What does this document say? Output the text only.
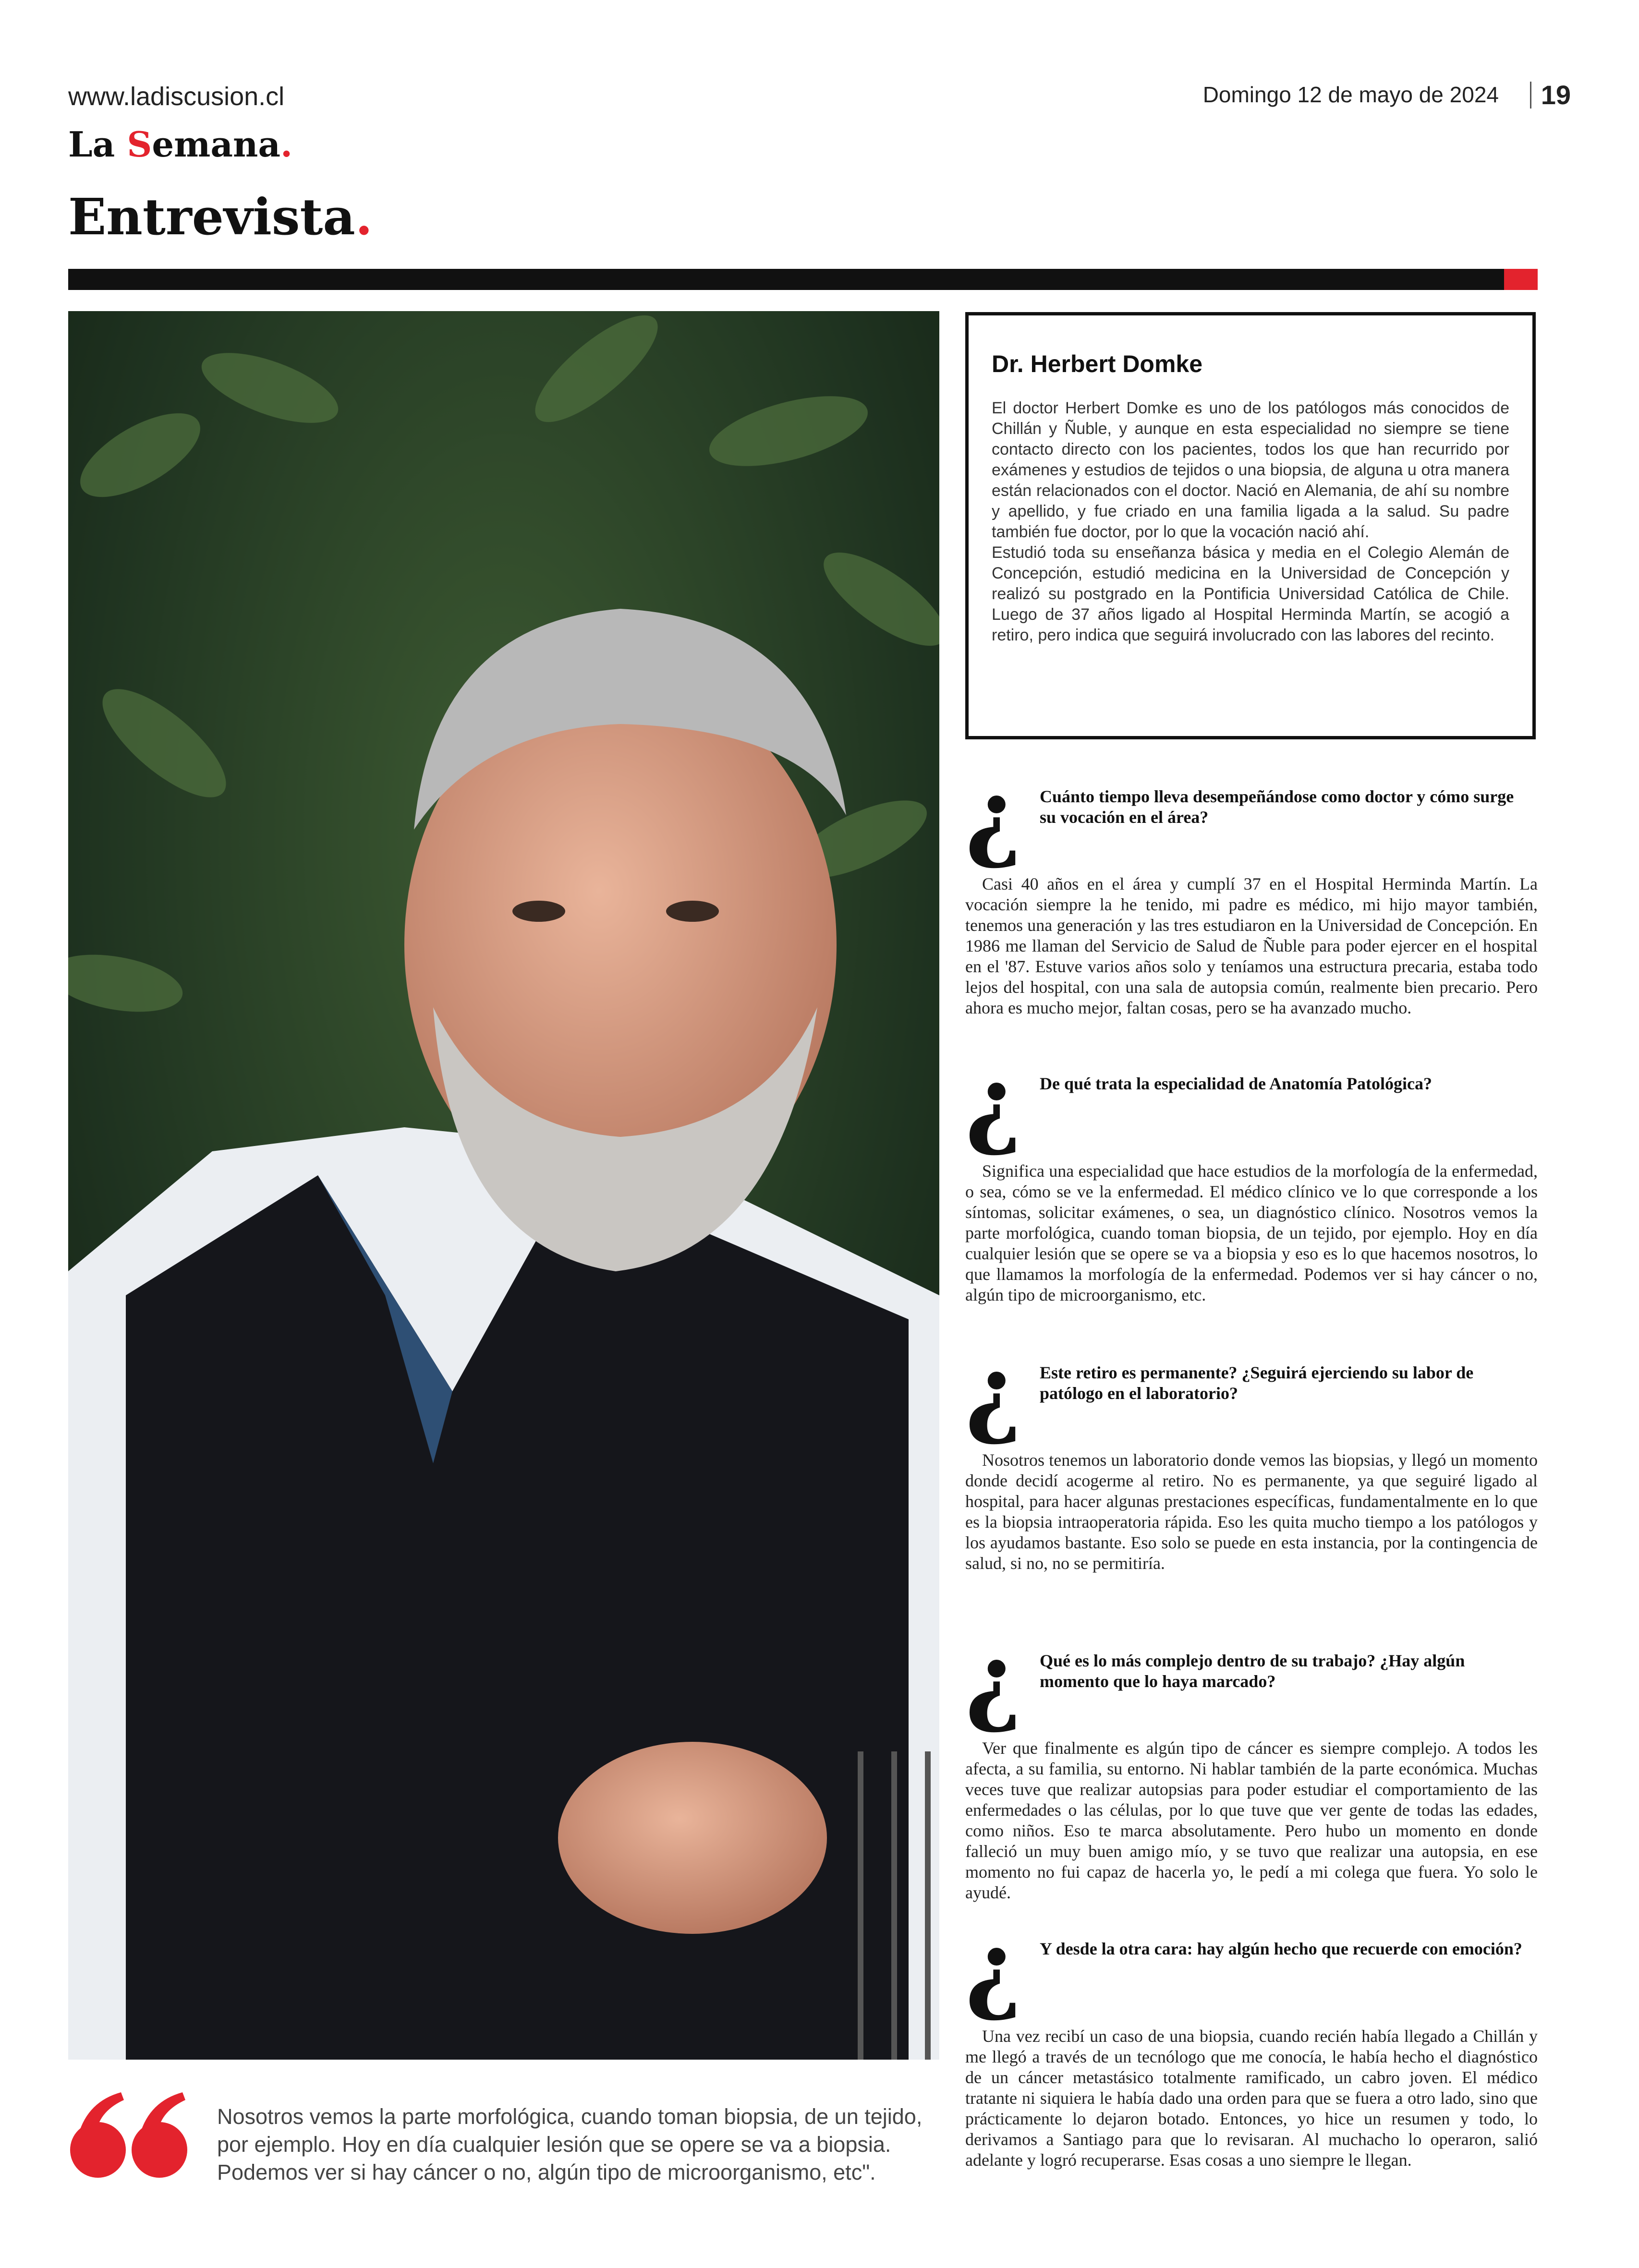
www.ladiscusion.cl	Domingo 12 de mayo de 2024 19
La Semana.
Entrevista.
Dr. Herbert Domke

El doctor Herbert Domke es uno de los patólogos más conocidos de Chillán y Ñuble, y aunque en esta especialidad no siempre se tiene contacto directo con los pacientes, todos los que han recurrido por exámenes y estudios de tejidos o una biopsia, de alguna u otra manera están relacionados con el doctor. Nació en Alemania, de ahí su nombre y apellido, y fue criado en una familia ligada a la salud. Su padre también fue doctor, por lo que la vocación nació ahí.

Estudió toda su enseñanza básica y media en el Colegio Alemán de Concepción, estudió medicina en la Universidad de Concepción y realizó su postgrado en la Pontificia Universidad Católica de Chile. Luego de 37 años ligado al Hospital Herminda Martín, se acogió a retiro, pero indica que seguirá involucrado con las labores del recinto.

¿ Cuánto tiempo lleva desempeñándose como doctor y cómo surge su vocación en el área?

Casi 40 años en el área y cumplí 37 en el Hospital Herminda Martín. La vocación siempre la he tenido, mi padre es médico, mi hijo mayor también, tenemos una generación y las tres estudiaron en la Universidad de Concepción. En 1986 me llaman del Servicio de Salud de Ñuble para poder ejercer en el hospital en el '87. Estuve varios años solo y teníamos una estructura precaria, estaba todo lejos del hospital, con una sala de autopsia común, realmente bien precario. Pero ahora es mucho mejor, faltan cosas, pero se ha avanzado mucho.

¿ De qué trata la especialidad de Anatomía Patológica?

Significa una especialidad que hace estudios de la morfología de la enfermedad, o sea, cómo se ve la enfermedad. El médico clínico ve lo que corresponde a los síntomas, solicitar exámenes, o sea, un diagnóstico clínico. Nosotros vemos la parte morfológica, cuando toman biopsia, de un tejido, por ejemplo. Hoy en día cualquier lesión que se opere se va a biopsia y eso es lo que hacemos nosotros, lo que llamamos la morfología de la enfermedad. Podemos ver si hay cáncer o no, algún tipo de microorganismo, etc.

¿ Este retiro es permanente? ¿Seguirá ejerciendo su labor de patólogo en el laboratorio?

Nosotros tenemos un laboratorio donde vemos las biopsias, y llegó un momento donde decidí acogerme al retiro. No es permanente, ya que seguiré ligado al hospital, para hacer algunas prestaciones específicas, fundamentalmente en lo que es la biopsia intraoperatoria rápida. Eso les quita mucho tiempo a los patólogos y los ayudamos bastante. Eso solo se puede en esta instancia, por la contingencia de salud, si no, no se permitiría.

¿ Qué es lo más complejo dentro de su trabajo? ¿Hay algún momento que lo haya marcado?

Ver que finalmente es algún tipo de cáncer es siempre complejo. A todos les afecta, a su familia, su entorno. Ni hablar también de la parte económica. Muchas veces tuve que realizar autopsias para poder estudiar el comportamiento de las enfermedades o las células, por lo que tuve que ver gente de todas las edades, como niños. Eso te marca absolutamente. Pero hubo un momento en donde falleció un muy buen amigo mío, y se tuvo que realizar una autopsia, en ese momento no fui capaz de hacerla yo, le pedí a mi colega que fuera. Yo solo le ayudé.

¿ Y desde la otra cara: hay algún hecho que recuerde con emoción?

Una vez recibí un caso de una biopsia, cuando recién había llegado a Chillán y me llegó a través de un tecnólogo que me conocía, le había hecho el diagnóstico de un cáncer metastásico totalmente ramificado, un cabro joven. El médico tratante ni siquiera le había dado una orden para que se fuera a otro lado, sino que prácticamente lo dejaron botado. Entonces, yo hice un resumen y todo, lo derivamos a Santiago para que lo revisaran. Al muchacho lo operaron, salió adelante y logró recuperarse. Esas cosas a uno siempre le llegan.

Nosotros vemos la parte morfológica, cuando toman biopsia, de un tejido, por ejemplo. Hoy en día cualquier lesión que se opere se va a biopsia. Podemos ver si hay cáncer o no, algún tipo de microorganismo, etc".
